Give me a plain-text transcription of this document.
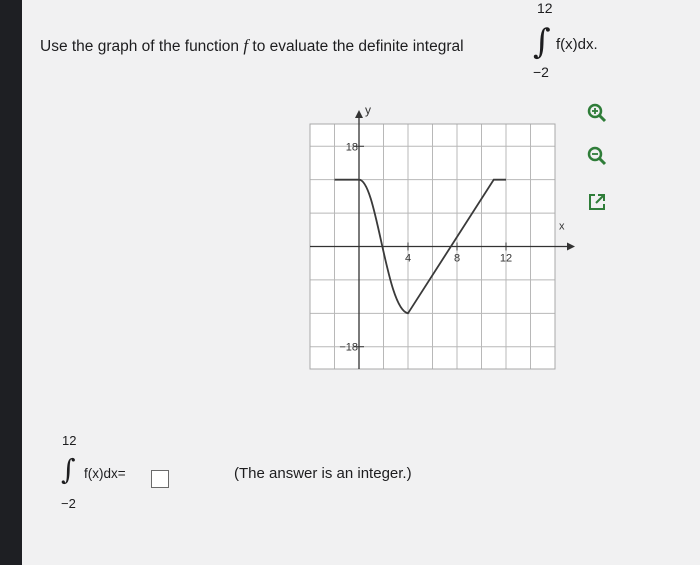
Use the graph of the function f to evaluate the definite integral
12
∫ f(x)dx.
−2
x
y
4	8	12
18
−18
12
∫ f(x)dx=
−2
(The answer is an integer.)
